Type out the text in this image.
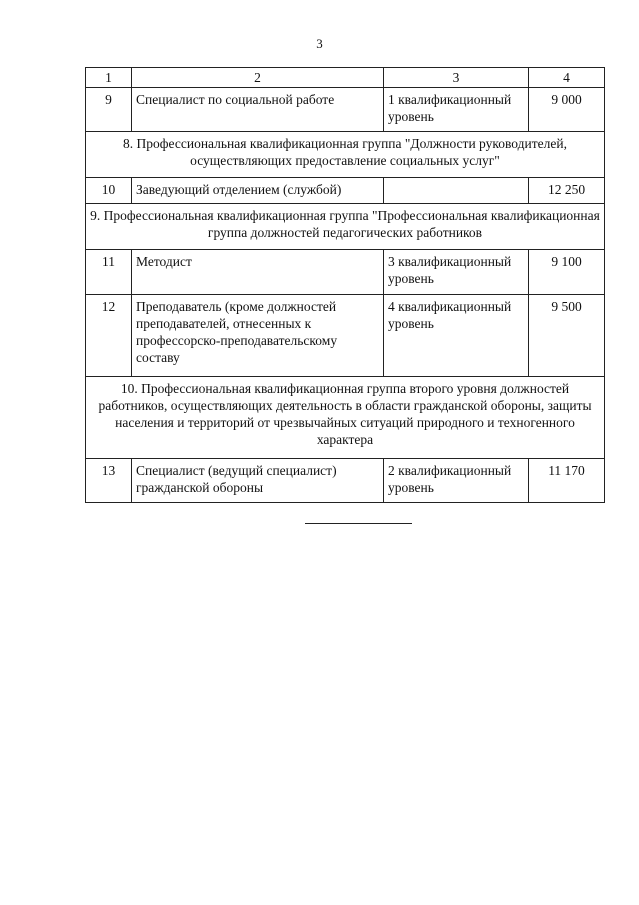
3
1	2	3	4
9	Специалист по социальной работе	1 квалификационный уровень	9 000
8. Профессиональная квалификационная группа "Должности руководителей, осуществляющих предоставление социальных услуг"			
10	Заведующий отделением (службой)		12 250
9. Профессиональная квалификационная группа "Профессиональная квалификационная группа должностей педагогических работников			
11	Методист	3 квалификационный уровень	9 100
12	Преподаватель (кроме должностей преподавателей, отнесенных к профессорско-преподавательскому составу	4 квалификационный уровень	9 500
10. Профессиональная квалификационная группа второго уровня должностей работников, осуществляющих деятельность в области гражданской обороны, защиты населения и территорий от чрезвычайных ситуаций природного и техногенного характера			
13	Специалист (ведущий специалист) гражданской обороны	2 квалификационный уровень	11 170
